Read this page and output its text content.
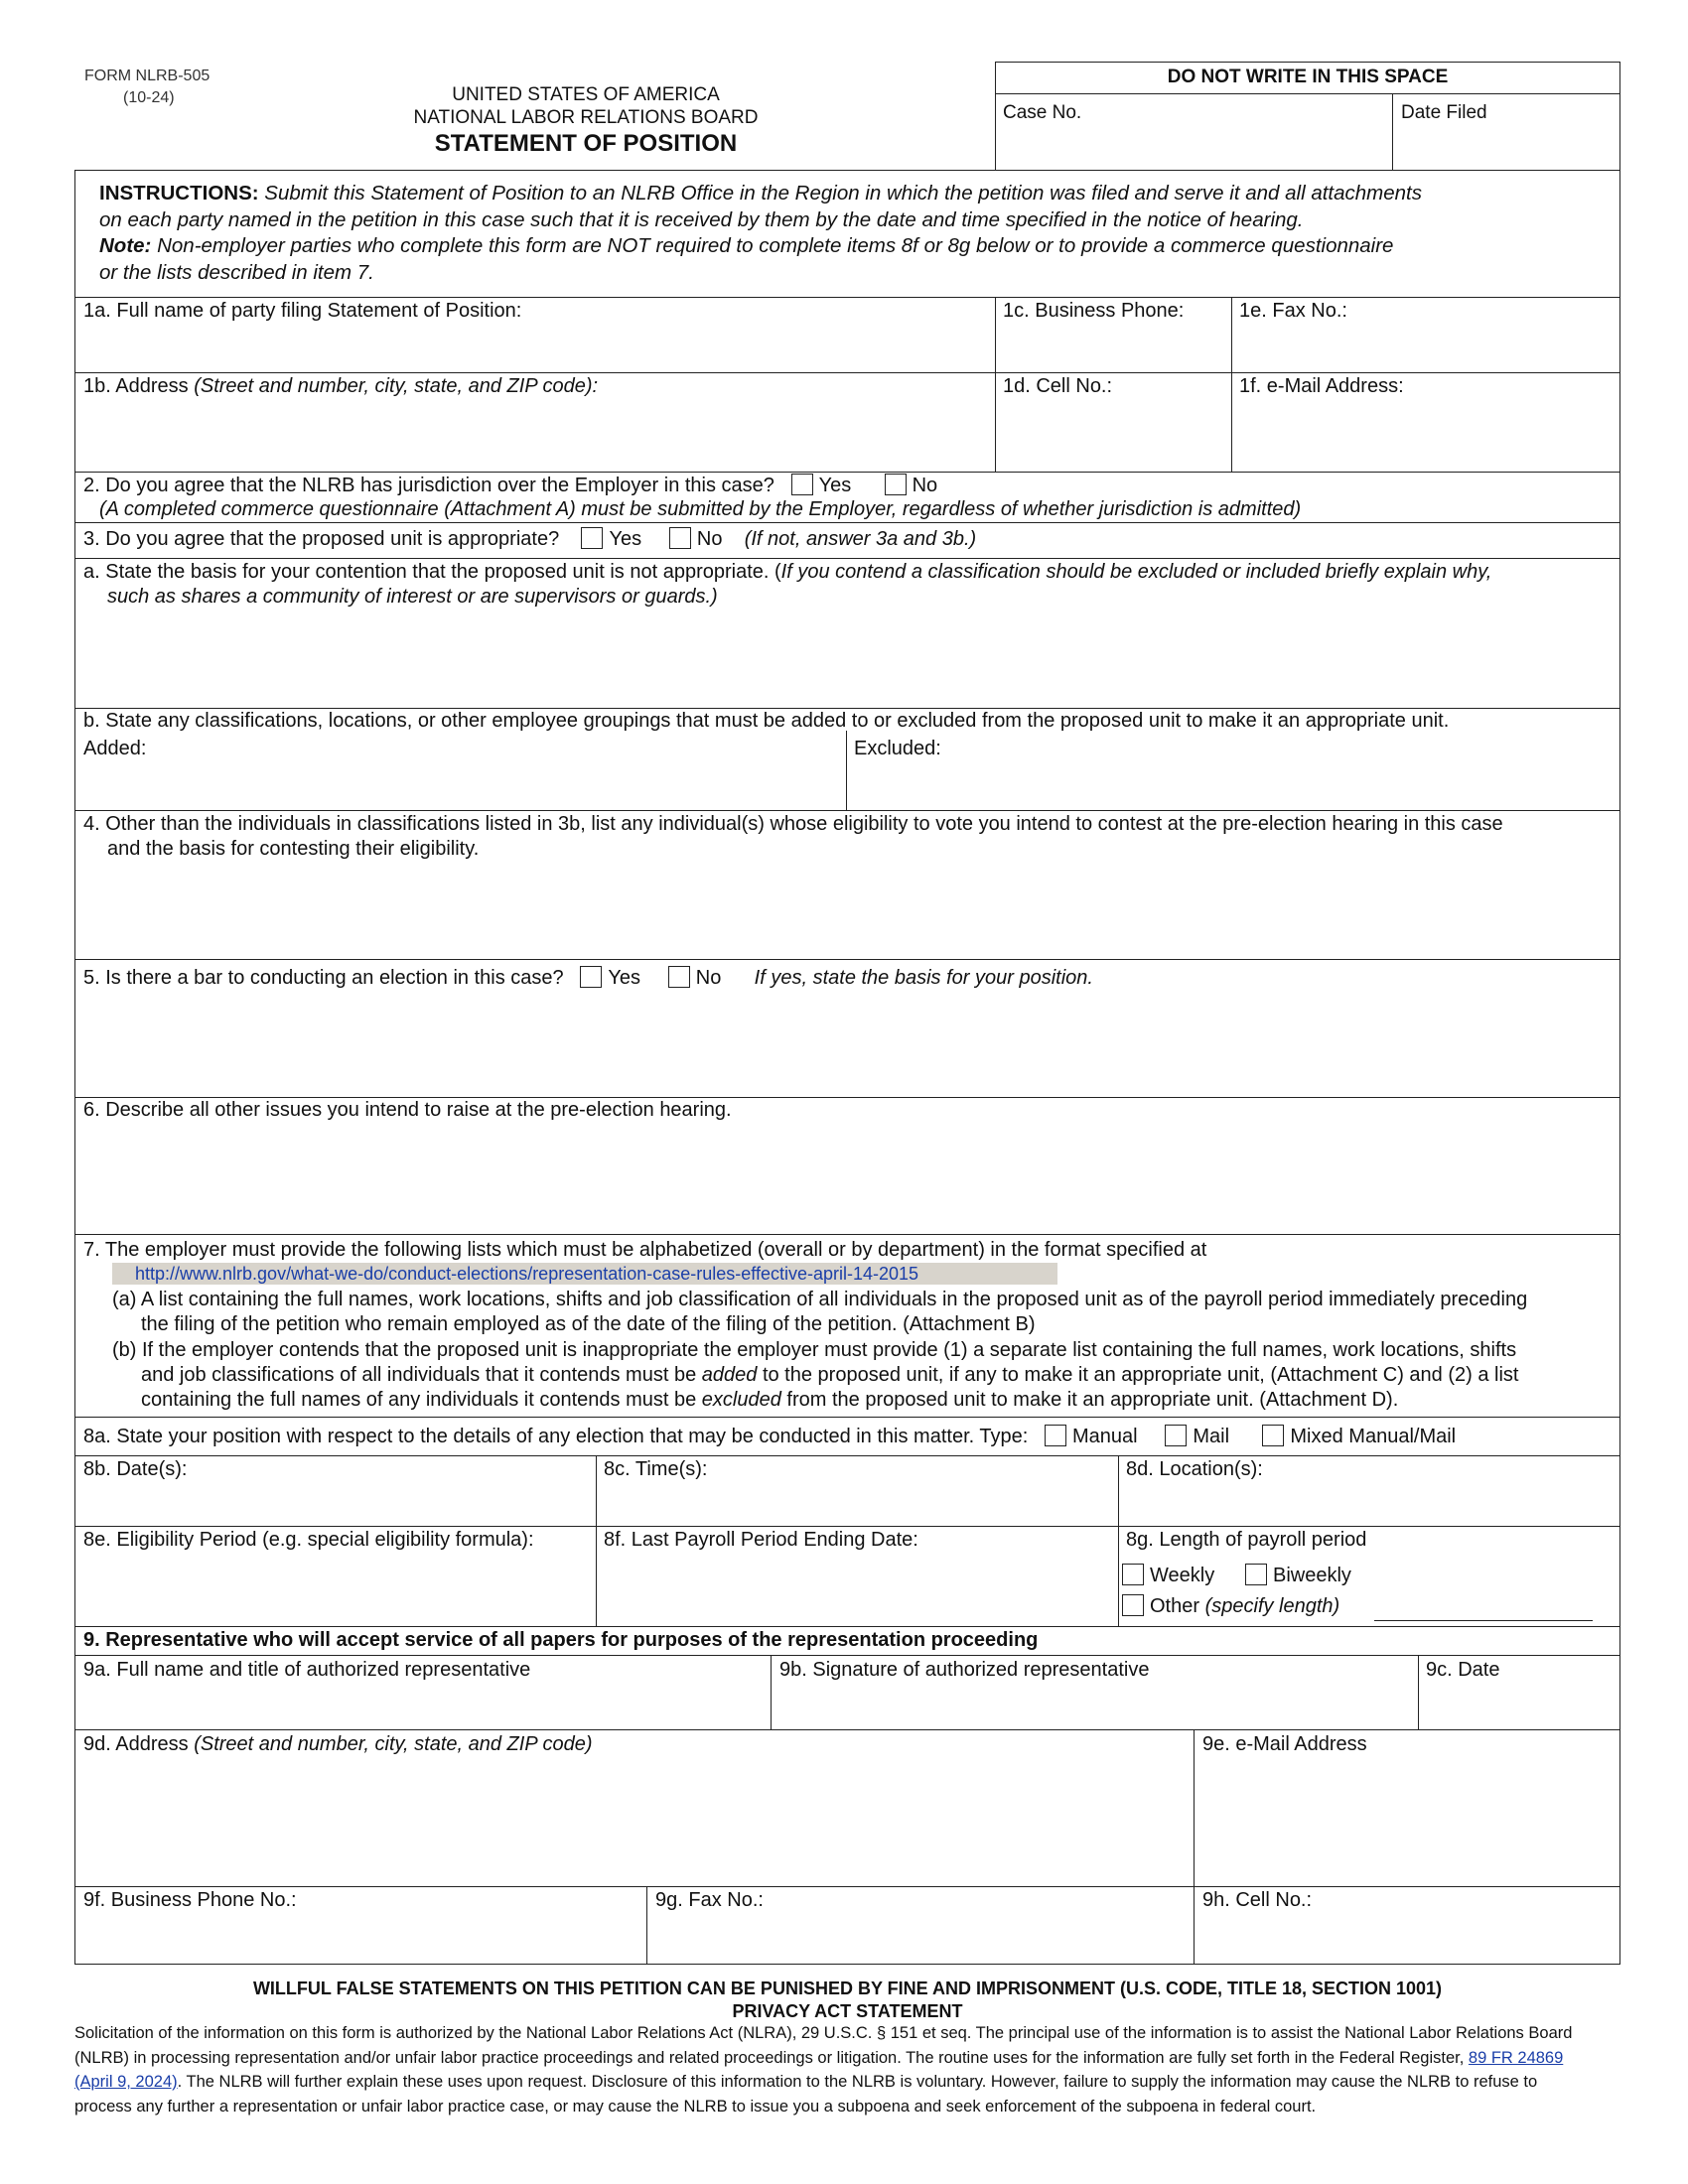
FORM NLRB-505
(10-24)	UNITED STATES OF AMERICA
NATIONAL LABOR RELATIONS BOARD
STATEMENT OF POSITION
DO NOT WRITE IN THIS SPACE
Case No.	Date Filed
INSTRUCTIONS: Submit this Statement of Position to an NLRB Office in the Region in which the petition was filed and serve it and all attachments
on each party named in the petition in this case such that it is received by them by the date and time specified in the notice of hearing.
Note: Non-employer parties who complete this form are NOT required to complete items 8f or 8g below or to provide a commerce questionnaire
or the lists described in item 7.
1a. Full name of party filing Statement of Position:	1c. Business Phone:	1e. Fax No.:
1b. Address (Street and number, city, state, and ZIP code):	1d. Cell No.:	1f. e-Mail Address:
2. Do you agree that the NLRB has jurisdiction over the Employer in this case? Yes	No
(A completed commerce questionnaire (Attachment A) must be submitted by the Employer, regardless of whether jurisdiction is admitted)
3. Do you agree that the proposed unit is appropriate?	Yes	No (If not, answer 3a and 3b.)
a. State the basis for your contention that the proposed unit is not appropriate. (If you contend a classification should be excluded or included briefly explain why,
such as shares a community of interest or are supervisors or guards.)
b. State any classifications, locations, or other employee groupings that must be added to or excluded from the proposed unit to make it an appropriate unit.
Added:	Excluded:
4. Other than the individuals in classifications listed in 3b, list any individual(s) whose eligibility to vote you intend to contest at the pre-election hearing in this case
and the basis for contesting their eligibility.
5. Is there a bar to conducting an election in this case? Yes	No If yes, state the basis for your position.
6. Describe all other issues you intend to raise at the pre-election hearing.
7. The employer must provide the following lists which must be alphabetized (overall or by department) in the format specified at
http://www.nlrb.gov/what-we-do/conduct-elections/representation-case-rules-effective-april-14-2015
(a) A list containing the full names, work locations, shifts and job classification of all individuals in the proposed unit as of the payroll period immediately preceding
the filing of the petition who remain employed as of the date of the filing of the petition. (Attachment B)
(b) If the employer contends that the proposed unit is inappropriate the employer must provide (1) a separate list containing the full names, work locations, shifts
and job classifications of all individuals that it contends must be added to the proposed unit, if any to make it an appropriate unit, (Attachment C) and (2) a list
containing the full names of any individuals it contends must be excluded from the proposed unit to make it an appropriate unit. (Attachment D).
8a. State your position with respect to the details of any election that may be conducted in this matter. Type: Manual	Mail	Mixed Manual/Mail
8b. Date(s):	8c. Time(s):	8d. Location(s):
8e. Eligibility Period (e.g. special eligibility formula):	8f. Last Payroll Period Ending Date:	8g. Length of payroll period
Weekly	Biweekly
Other (specify length)
9. Representative who will accept service of all papers for purposes of the representation proceeding
9a. Full name and title of authorized representative	9b. Signature of authorized representative	9c. Date
9d. Address (Street and number, city, state, and ZIP code)	9e. e-Mail Address
9f. Business Phone No.:	9g. Fax No.:	9h. Cell No.:
WILLFUL FALSE STATEMENTS ON THIS PETITION CAN BE PUNISHED BY FINE AND IMPRISONMENT (U.S. CODE, TITLE 18, SECTION 1001)
PRIVACY ACT STATEMENT
Solicitation of the information on this form is authorized by the National Labor Relations Act (NLRA), 29 U.S.C. § 151 et seq. The principal use of the information is to assist the National Labor Relations Board
(NLRB) in processing representation and/or unfair labor practice proceedings and related proceedings or litigation. The routine uses for the information are fully set forth in the Federal Register, 89 FR 24869
(April 9, 2024). The NLRB will further explain these uses upon request. Disclosure of this information to the NLRB is voluntary. However, failure to supply the information may cause the NLRB to refuse to
process any further a representation or unfair labor practice case, or may cause the NLRB to issue you a subpoena and seek enforcement of the subpoena in federal court.
